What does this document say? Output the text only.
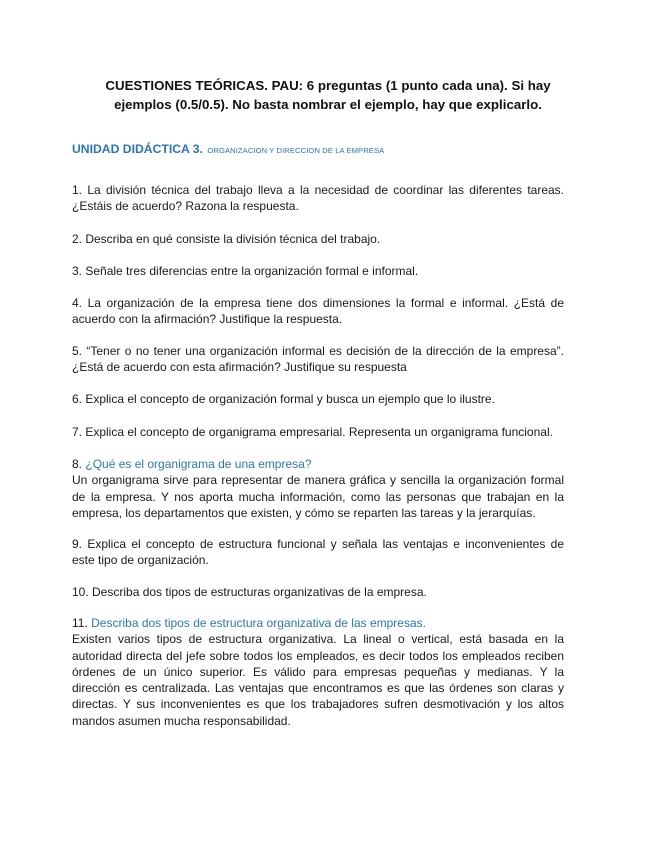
CUESTIONES TEÓRICAS. PAU: 6 preguntas (1 punto cada una). Si hay
ejemplos (0.5/0.5). No basta nombrar el ejemplo, hay que explicarlo.
UNIDAD DIDÁCTICA 3. ORGANIZACION Y DIRECCION DE LA EMPRESA

1. La división técnica del trabajo lleva a la necesidad de coordinar las diferentes tareas. ¿Estáis de acuerdo? Razona la respuesta.

2. Describa en qué consiste la división técnica del trabajo.

3. Señale tres diferencias entre la organización formal e informal.

4. La organización de la empresa tiene dos dimensiones la formal e informal. ¿Está de acuerdo con la afirmación? Justifique la respuesta.

5. “Tener o no tener una organización informal es decisión de la dirección de la empresa”. ¿Está de acuerdo con esta afirmación? Justifique su respuesta

6. Explica el concepto de organización formal y busca un ejemplo que lo ilustre.

7. Explica el concepto de organigrama empresarial. Representa un organigrama funcional.

8. ¿Qué es el organigrama de una empresa?

Un organigrama sirve para representar de manera gráfica y sencilla la organización formal de la empresa. Y nos aporta mucha información, como las personas que trabajan en la empresa, los departamentos que existen, y cómo se reparten las tareas y la jerarquías.

9. Explica el concepto de estructura funcional y señala las ventajas e inconvenientes de este tipo de organización.

10. Describa dos tipos de estructuras organizativas de la empresa.

11. Describa dos tipos de estructura organizativa de las empresas.

Existen varios tipos de estructura organizativa. La lineal o vertical, está basada en la autoridad directa del jefe sobre todos los empleados, es decir todos los empleados reciben órdenes de un único superior. Es válido para empresas pequeñas y medianas. Y la dirección es centralizada. Las ventajas que encontramos es que las órdenes son claras y directas. Y sus inconvenientes es que los trabajadores sufren desmotivación y los altos mandos asumen mucha responsabilidad.
